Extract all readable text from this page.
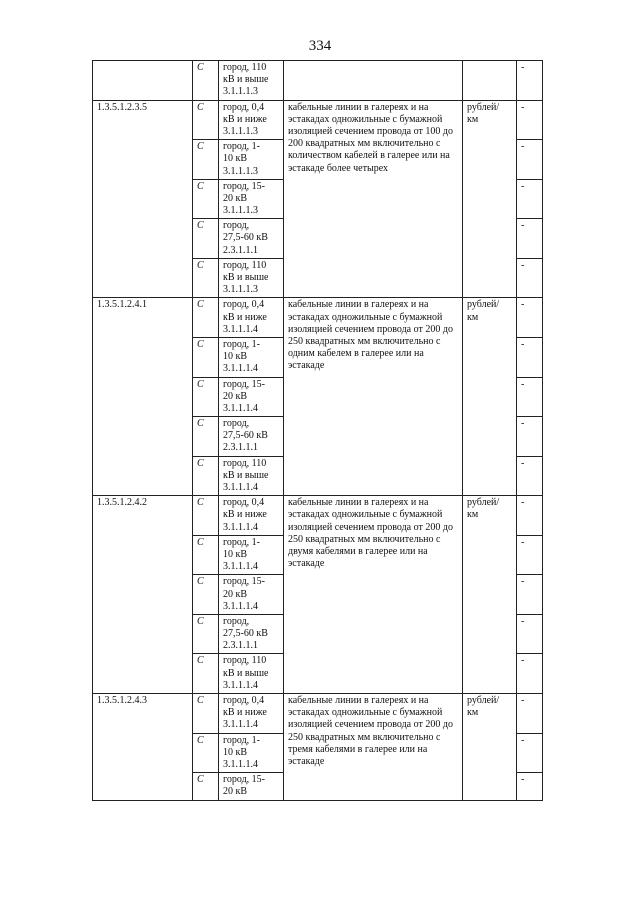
334
	C	город, 110
кВ и выше
3.1.1.1.3			-
1.3.5.1.2.3.5	C	город, 0,4
кВ и ниже
3.1.1.1.3	кабельные линии в галереях и на эстакадах одножильные с бумажной изоляцией сечением провода от 100 до 200 квадратных мм включительно с количеством кабелей в галерее или на эстакаде более четырех	рублей/
км	-
	C	город, 1-
10 кВ
3.1.1.1.3			-
	C	город, 15-
20 кВ
3.1.1.1.3			-
	C	город,
27,5-60 кВ
2.3.1.1.1			-
	C	город, 110
кВ и выше
3.1.1.1.3			-
1.3.5.1.2.4.1	C	город, 0,4
кВ и ниже
3.1.1.1.4	кабельные линии в галереях и на эстакадах одножильные с бумажной изоляцией сечением провода от 200 до 250 квадратных мм включительно с одним кабелем в галерее или на эстакаде	рублей/
км	-
	C	город, 1-
10 кВ
3.1.1.1.4			-
	C	город, 15-
20 кВ
3.1.1.1.4			-
	C	город,
27,5-60 кВ
2.3.1.1.1			-
	C	город, 110
кВ и выше
3.1.1.1.4			-
1.3.5.1.2.4.2	C	город, 0,4
кВ и ниже
3.1.1.1.4	кабельные линии в галереях и на эстакадах одножильные с бумажной изоляцией сечением провода от 200 до 250 квадратных мм включительно с двумя кабелями в галерее или на эстакаде	рублей/
км	-
	C	город, 1-
10 кВ
3.1.1.1.4			-
	C	город, 15-
20 кВ
3.1.1.1.4			-
	C	город,
27,5-60 кВ
2.3.1.1.1			-
	C	город, 110
кВ и выше
3.1.1.1.4			-
1.3.5.1.2.4.3	C	город, 0,4
кВ и ниже
3.1.1.1.4	кабельные линии в галереях и на эстакадах одножильные с бумажной изоляцией сечением провода от 200 до 250 квадратных мм включительно с тремя кабелями в галерее или на эстакаде	рублей/
км	-
	C	город, 1-
10 кВ
3.1.1.1.4			-
	C	город, 15-
20 кВ			-
